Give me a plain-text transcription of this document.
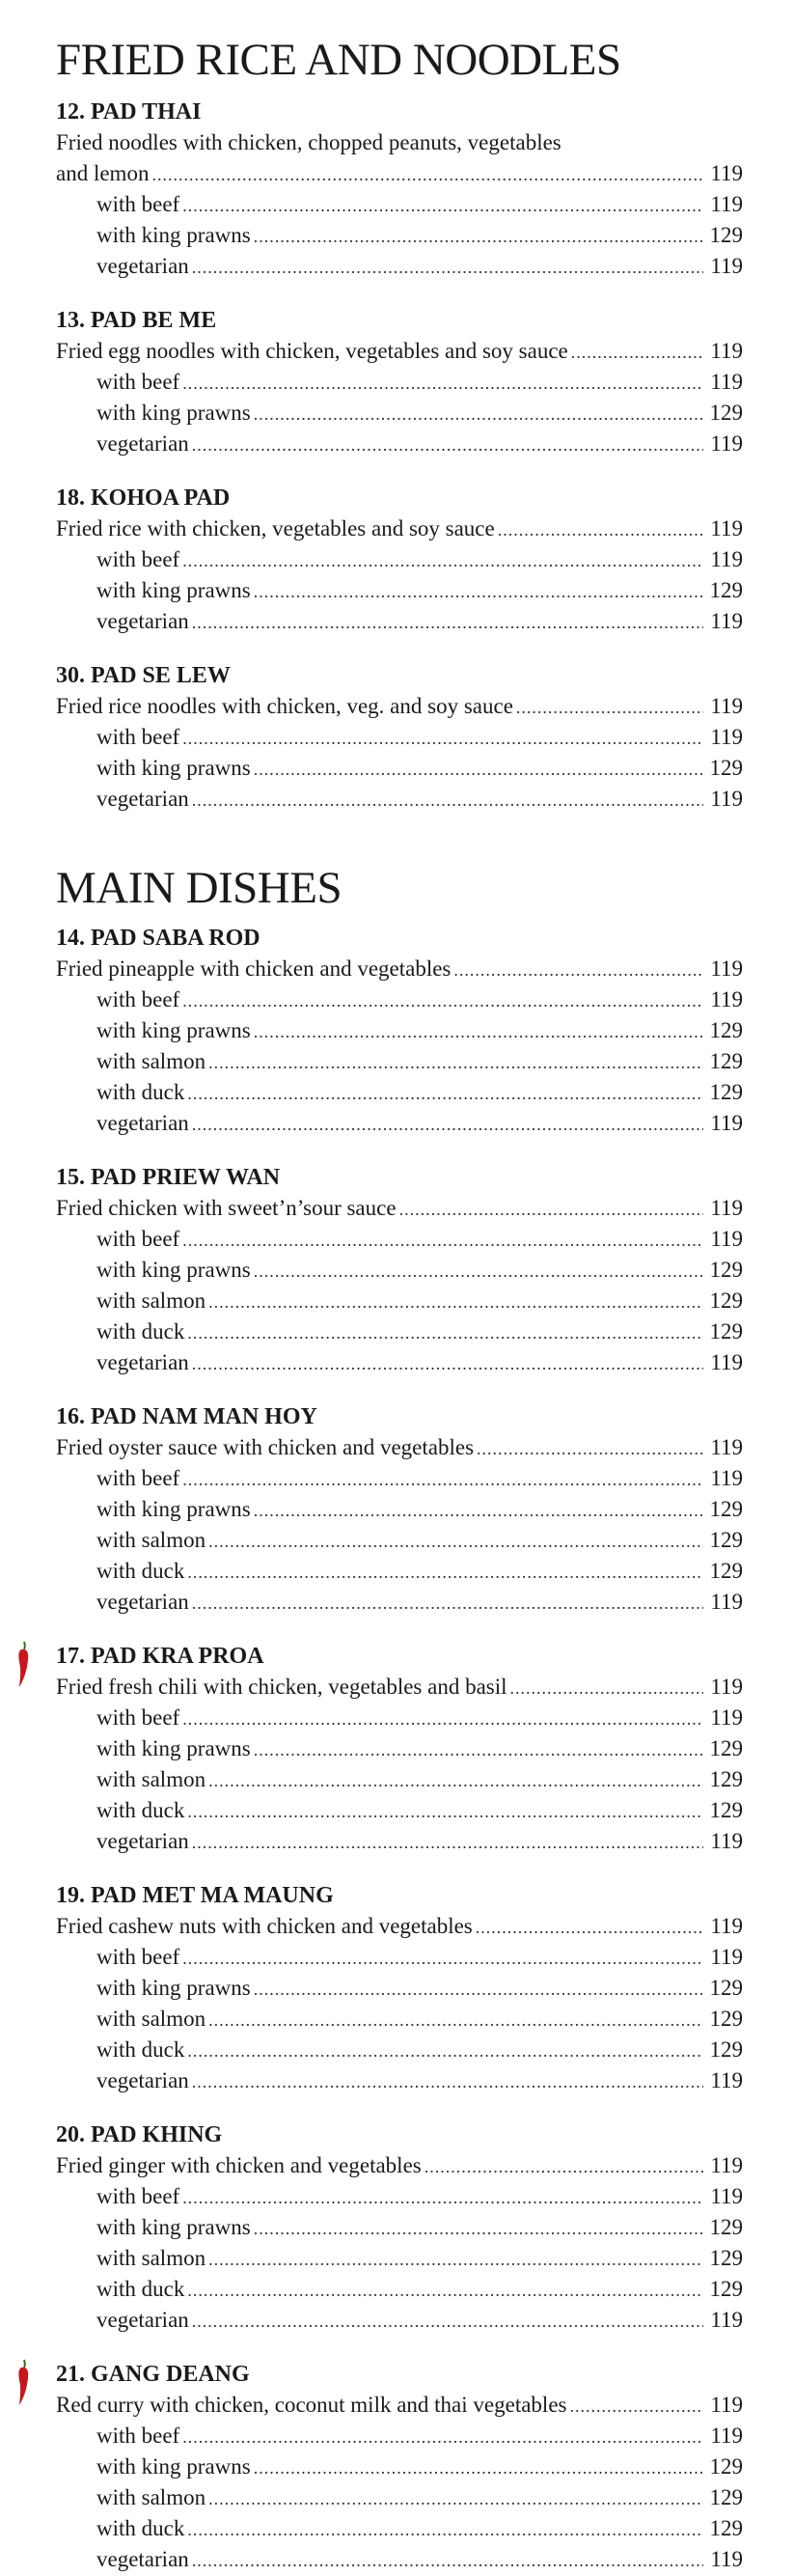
FRIED RICE AND NOODLES
12. PAD THAI
Fried noodles with chicken, chopped peanuts, vegetables
and lemon .....	119
with beef .....	119
with king prawns .....	129
vegetarian .....	119
13. PAD BE ME
Fried egg noodles with chicken, vegetables and soy sauce .....	119
with beef .....	119
with king prawns .....	129
vegetarian .....	119
18. KOHOA PAD
Fried rice with chicken, vegetables and soy sauce .....	119
with beef .....	119
with king prawns .....	129
vegetarian .....	119
30. PAD SE LEW
Fried rice noodles with chicken, veg. and soy sauce .....	119
with beef .....	119
with king prawns .....	129
vegetarian .....	119
MAIN DISHES
14. PAD SABA ROD
Fried pineapple with chicken and vegetables .....	119
with beef .....	119
with king prawns .....	129
with salmon .....	129
with duck .....	129
vegetarian .....	119
15. PAD PRIEW WAN
Fried chicken with sweet’n’sour sauce .....	119
with beef .....	119
with king prawns .....	129
with salmon .....	129
with duck .....	129
vegetarian .....	119
16. PAD NAM MAN HOY
Fried oyster sauce with chicken and vegetables .....	119
with beef .....	119
with king prawns .....	129
with salmon .....	129
with duck .....	129
vegetarian .....	119
17. PAD KRA PROA
Fried fresh chili with chicken, vegetables and basil .....	119
with beef .....	119
with king prawns .....	129
with salmon .....	129
with duck .....	129
vegetarian .....	119
19. PAD MET MA MAUNG
Fried cashew nuts with chicken and vegetables .....	119
with beef .....	119
with king prawns .....	129
with salmon .....	129
with duck .....	129
vegetarian .....	119
20. PAD KHING
Fried ginger with chicken and vegetables .....	119
with beef .....	119
with king prawns .....	129
with salmon .....	129
with duck .....	129
vegetarian .....	119
21. GANG DEANG
Red curry with chicken, coconut milk and thai vegetables .....	119
with beef .....	119
with king prawns .....	129
with salmon .....	129
with duck .....	129
vegetarian .....	119
